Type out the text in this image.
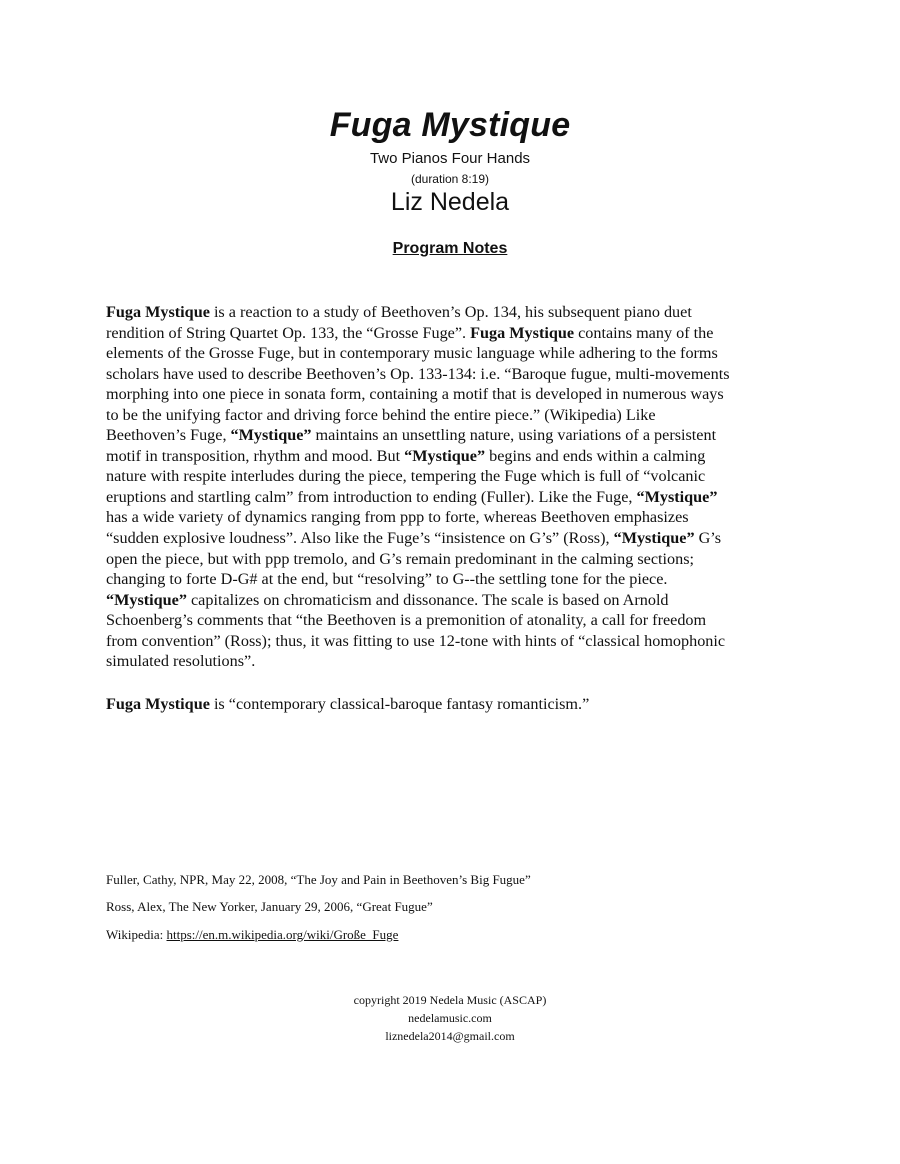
Fuga Mystique
Two Pianos Four Hands
(duration 8:19)
Liz Nedela
Program Notes

Fuga Mystique is a reaction to a study of Beethoven’s Op. 134, his subsequent piano duet

rendition of String Quartet Op. 133, the “Grosse Fuge”. Fuga Mystique contains many of the

elements of the Grosse Fuge, but in contemporary music language while adhering to the forms

scholars have used to describe Beethoven’s Op. 133-134: i.e. “Baroque fugue, multi-movements

morphing into one piece in sonata form, containing a motif that is developed in numerous ways

to be the unifying factor and driving force behind the entire piece.” (Wikipedia) Like

Beethoven’s Fuge, “Mystique” maintains an unsettling nature, using variations of a persistent

motif in transposition, rhythm and mood. But “Mystique” begins and ends within a calming

nature with respite interludes during the piece, tempering the Fuge which is full of “volcanic

eruptions and startling calm” from introduction to ending (Fuller). Like the Fuge, “Mystique”

has a wide variety of dynamics ranging from ppp to forte, whereas Beethoven emphasizes

“sudden explosive loudness”. Also like the Fuge’s “insistence on G’s” (Ross), “Mystique” G’s

open the piece, but with ppp tremolo, and G’s remain predominant in the calming sections;

changing to forte D-G# at the end, but “resolving” to G--the settling tone for the piece.

“Mystique” capitalizes on chromaticism and dissonance. The scale is based on Arnold

Schoenberg’s comments that “the Beethoven is a premonition of atonality, a call for freedom

from convention” (Ross); thus, it was fitting to use 12-tone with hints of “classical homophonic

simulated resolutions”.

Fuga Mystique is “contemporary classical-baroque fantasy romanticism.”
Fuller, Cathy, NPR, May 22, 2008, “The Joy and Pain in Beethoven’s Big Fugue”
Ross, Alex, The New Yorker, January 29, 2006, “Great Fugue”
Wikipedia: https://en.m.wikipedia.org/wiki/Große_Fuge
copyright 2019 Nedela Music (ASCAP)
nedelamusic.com
liznedela2014@gmail.com
